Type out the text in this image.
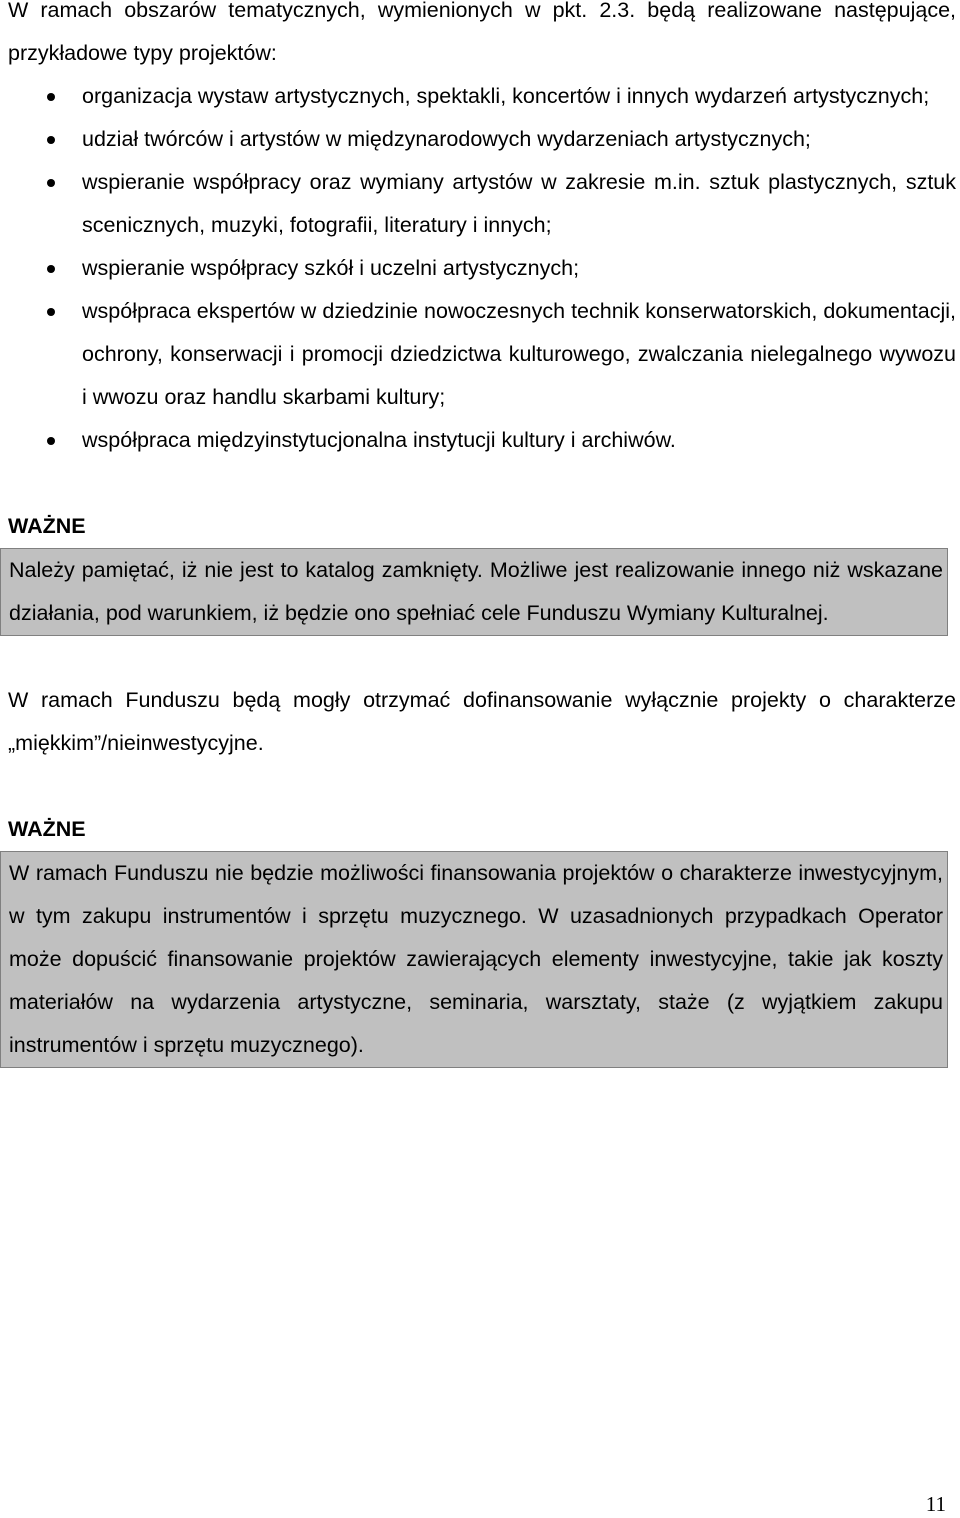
W ramach obszarów tematycznych, wymienionych w pkt. 2.3. będą realizowane następujące, przykładowe typy projektów:

organizacja wystaw artystycznych, spektakli, koncertów i innych wydarzeń artystycznych;
udział twórców i artystów w międzynarodowych wydarzeniach artystycznych;
wspieranie współpracy oraz wymiany artystów w zakresie m.in. sztuk plastycznych, sztuk scenicznych, muzyki, fotografii, literatury i innych;
wspieranie współpracy szkół i uczelni artystycznych;
współpraca ekspertów w dziedzinie nowoczesnych technik konserwatorskich, dokumentacji, ochrony, konserwacji i promocji dziedzictwa kulturowego, zwalczania nielegalnego wywozu i wwozu oraz handlu skarbami kultury;
współpraca międzyinstytucjonalna instytucji kultury i archiwów.

WAŻNE

Należy pamiętać, iż nie jest to katalog zamknięty. Możliwe jest realizowanie innego niż wskazane działania, pod warunkiem, iż będzie ono spełniać cele Funduszu Wymiany Kulturalnej.

W ramach Funduszu będą mogły otrzymać dofinansowanie wyłącznie projekty o charakterze „miękkim”/nieinwestycyjne.

WAŻNE

W ramach Funduszu nie będzie możliwości finansowania projektów o charakterze inwestycyjnym, w tym zakupu instrumentów i sprzętu muzycznego. W uzasadnionych przypadkach Operator może dopuścić finansowanie projektów zawierających elementy inwestycyjne, takie jak koszty materiałów na wydarzenia artystyczne, seminaria, warsztaty, staże (z wyjątkiem zakupu instrumentów i sprzętu muzycznego).

11
